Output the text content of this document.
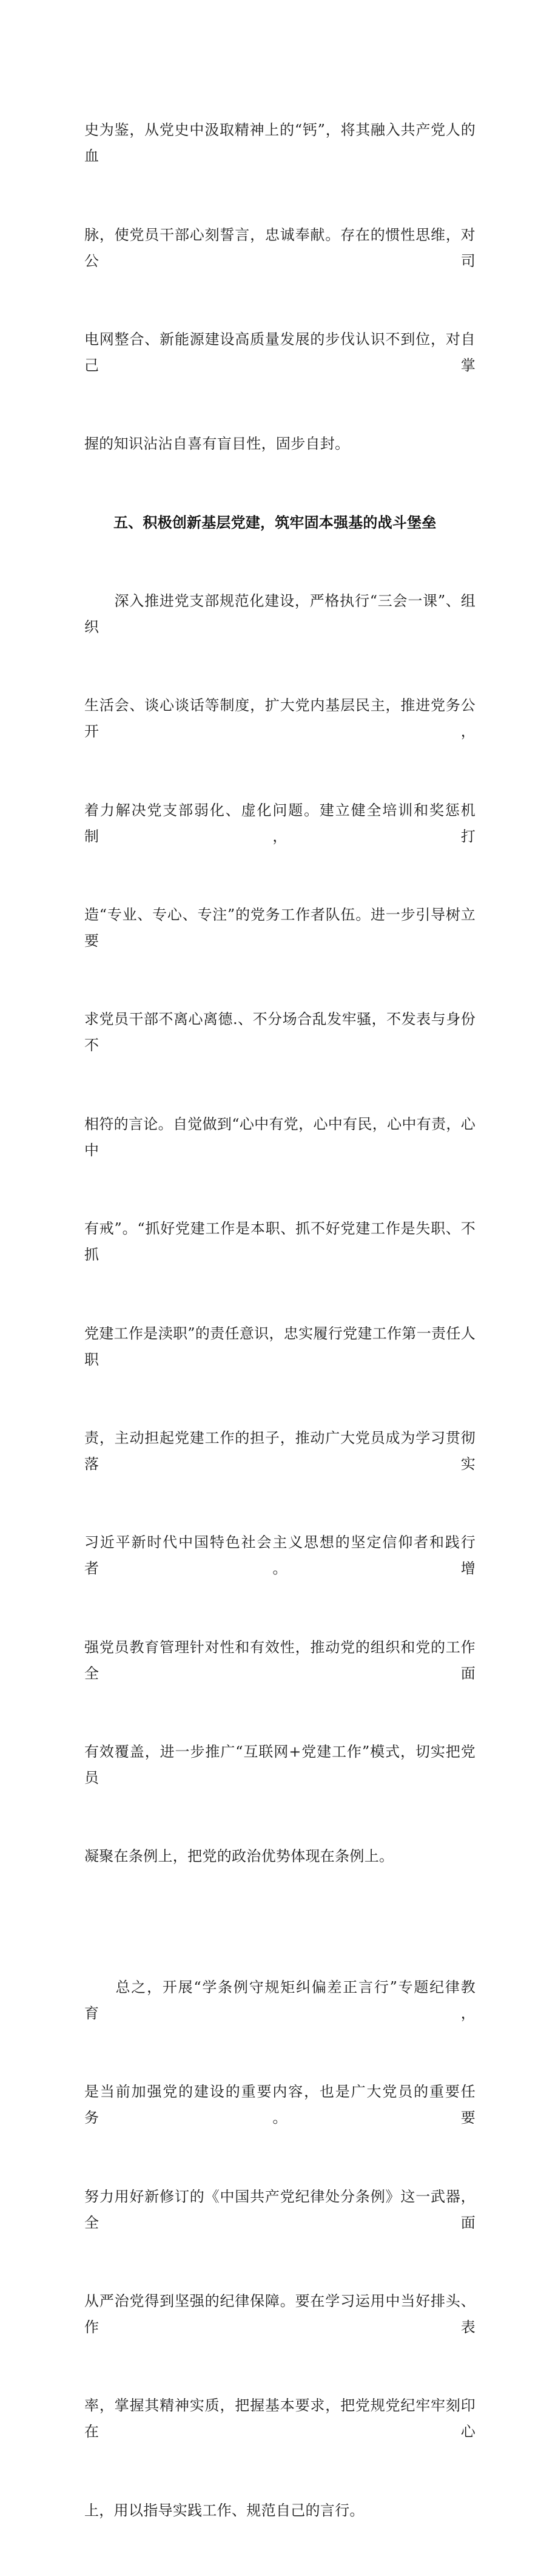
史为鉴，从党史中汲取精神上的“钙”，将其融入共产党人的血

脉，使党员干部心刻誓言，忠诚奉献。存在的惯性思维，对公司

电网整合、新能源建设高质量发展的步伐认识不到位，对自己掌

握的知识沾沾自喜有盲目性，固步自封。

五、积极创新基层党建，筑牢固本强基的战斗堡垒

　　深入推进党支部规范化建设，严格执行“三会一课”、组织

生活会、谈心谈话等制度，扩大党内基层民主，推进党务公开，

着力解决党支部弱化、虚化问题。建立健全培训和奖惩机制，打

造“专业、专心、专注”的党务工作者队伍。进一步引导树立要

求党员干部不离心离德.、不分场合乱发牢骚，不发表与身份不

相符的言论。自觉做到“心中有党，心中有民，心中有责，心中

有戒”。“抓好党建工作是本职、抓不好党建工作是失职、不抓

党建工作是渎职”的责任意识，忠实履行党建工作第一责任人职

责，主动担起党建工作的担子，推动广大党员成为学习贯彻落实

习近平新时代中国特色社会主义思想的坚定信仰者和践行者。增

强党员教育管理针对性和有效性，推动党的组织和党的工作全面

有效覆盖，进一步推广“互联网+党建工作”模式，切实把党员

凝聚在条例上，把党的政治优势体现在条例上。

　　总之，开展“学条例守规矩纠偏差正言行”专题纪律教育，

是当前加强党的建设的重要内容，也是广大党员的重要任务。要

努力用好新修订的《中国共产党纪律处分条例》这一武器，全面

从严治党得到坚强的纪律保障。要在学习运用中当好排头、作表

率，掌握其精神实质，把握基本要求，把党规党纪牢牢刻印在心

上，用以指导实践工作、规范自己的言行。
